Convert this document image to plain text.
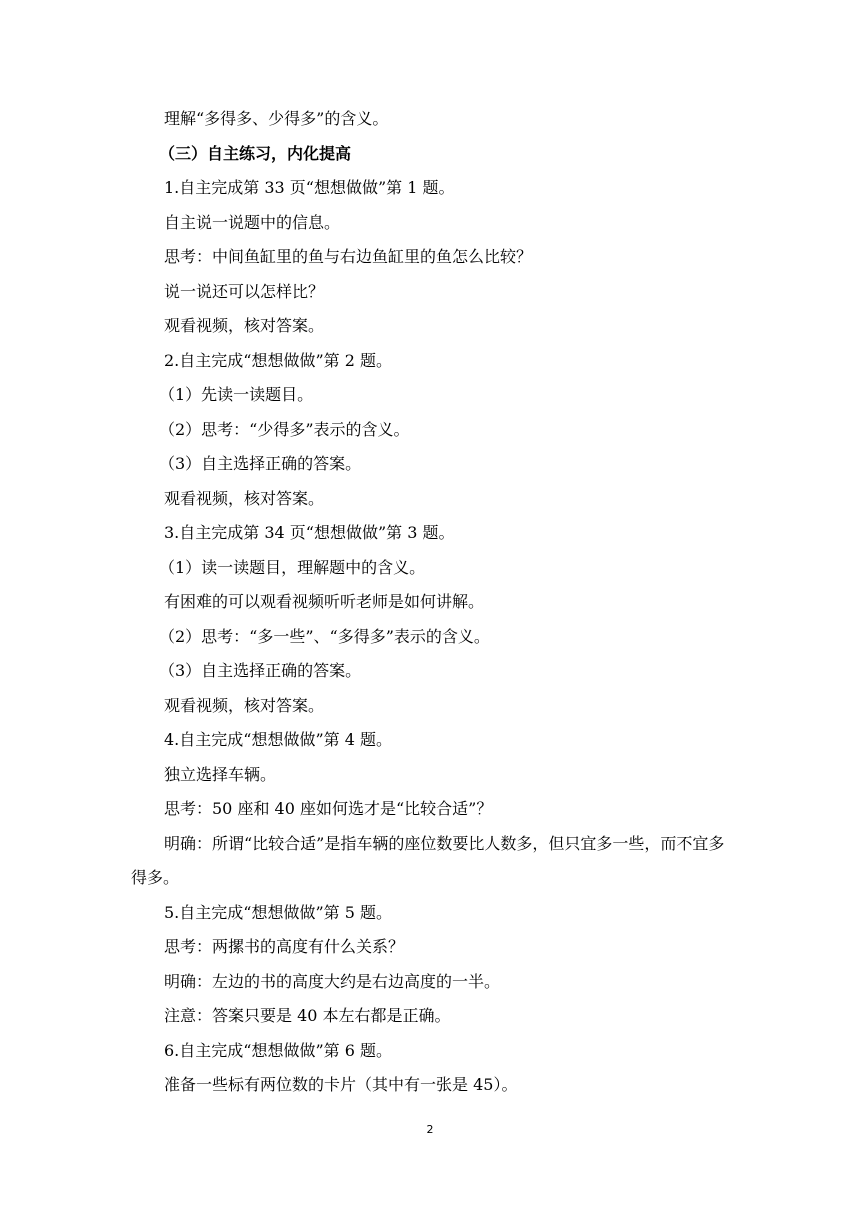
理解“多得多、少得多”的含义。
（三）自主练习，内化提高
1.自主完成第 33 页“想想做做”第 1 题。
自主说一说题中的信息。
思考：中间鱼缸里的鱼与右边鱼缸里的鱼怎么比较？
说一说还可以怎样比？
观看视频，核对答案。
2.自主完成“想想做做”第 2 题。
（1）先读一读题目。
（2）思考：“少得多”表示的含义。
（3）自主选择正确的答案。
观看视频，核对答案。
3.自主完成第 34 页“想想做做”第 3 题。
（1）读一读题目，理解题中的含义。
有困难的可以观看视频听听老师是如何讲解。
（2）思考：“多一些”、“多得多”表示的含义。
（3）自主选择正确的答案。
观看视频，核对答案。
4.自主完成“想想做做”第 4 题。
独立选择车辆。
思考：50 座和 40 座如何选才是“比较合适”？
明确：所谓“比较合适”是指车辆的座位数要比人数多，但只宜多一些，而不宜多得多。
5.自主完成“想想做做”第 5 题。
思考：两摞书的高度有什么关系？
明确：左边的书的高度大约是右边高度的一半。
注意：答案只要是 40 本左右都是正确。
6.自主完成“想想做做”第 6 题。
准备一些标有两位数的卡片（其中有一张是 45）。
2
